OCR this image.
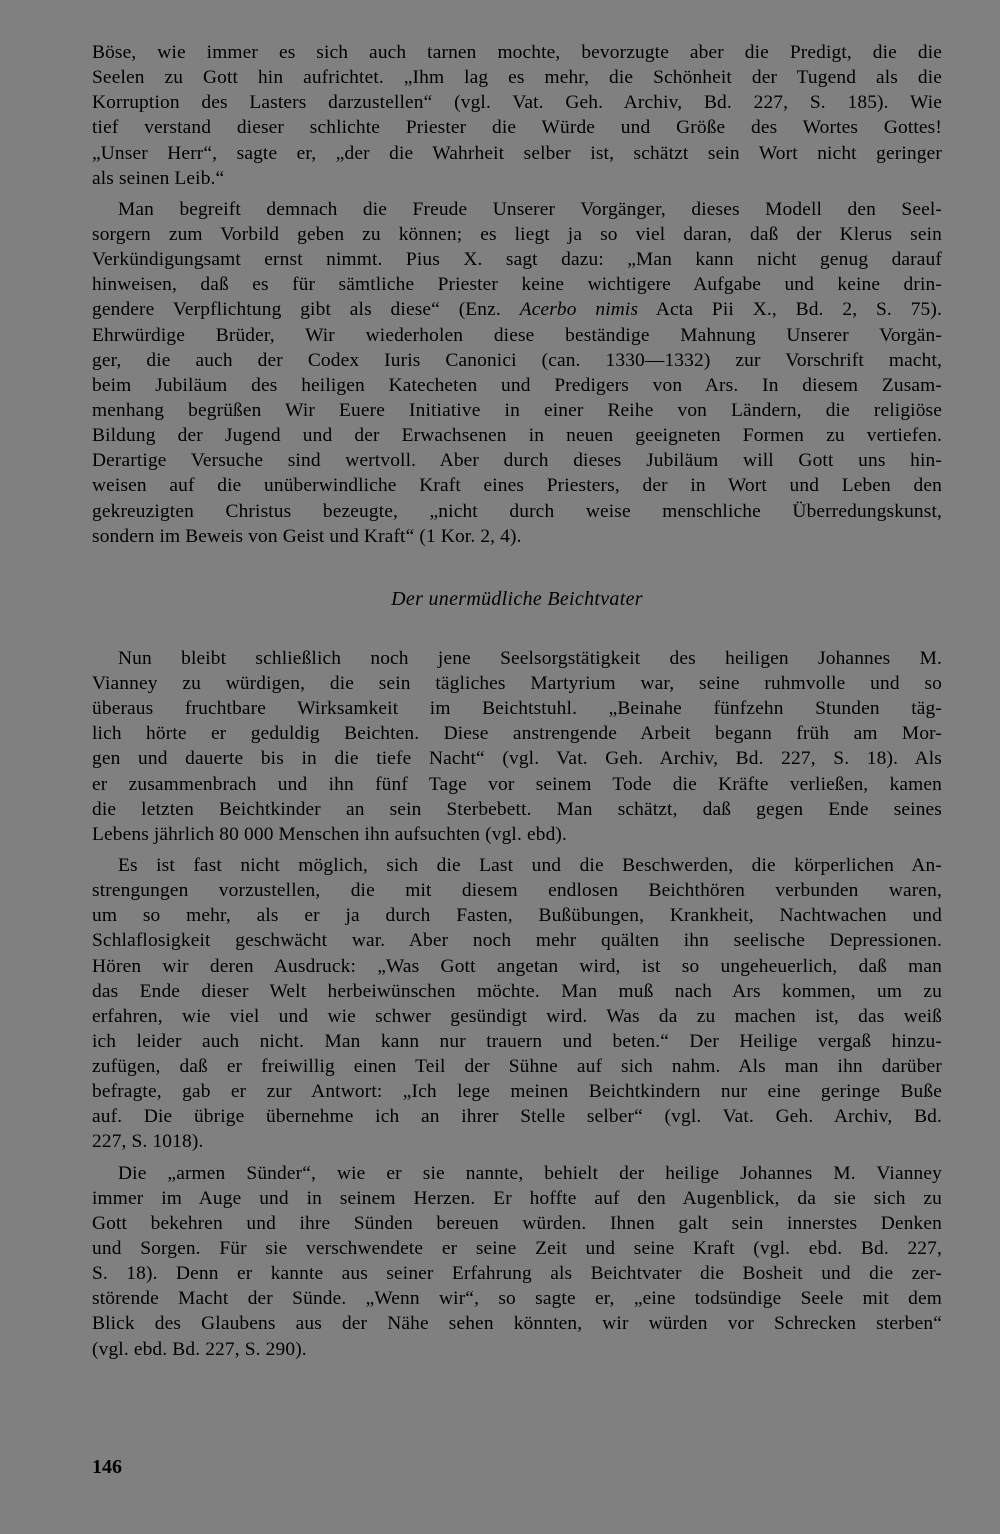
Böse, wie immer es sich auch tarnen mochte, bevorzugte aber die Predigt, die die
Seelen zu Gott hin aufrichtet. „Ihm lag es mehr, die Schönheit der Tugend als die
Korruption des Lasters darzustellen“ (vgl. Vat. Geh. Archiv, Bd. 227, S. 185). Wie
tief verstand dieser schlichte Priester die Würde und Größe des Wortes Gottes!
„Unser Herr“, sagte er, „der die Wahrheit selber ist, schätzt sein Wort nicht geringer
als seinen Leib.“
Man begreift demnach die Freude Unserer Vorgänger, dieses Modell den Seel-
sorgern zum Vorbild geben zu können; es liegt ja so viel daran, daß der Klerus sein
Verkündigungsamt ernst nimmt. Pius X. sagt dazu: „Man kann nicht genug darauf
hinweisen, daß es für sämtliche Priester keine wichtigere Aufgabe und keine drin-
gendere Verpflichtung gibt als diese“ (Enz. Acerbo nimis Acta Pii X., Bd. 2, S. 75).
Ehrwürdige Brüder, Wir wiederholen diese beständige Mahnung Unserer Vorgän-
ger, die auch der Codex Iuris Canonici (can. 1330—1332) zur Vorschrift macht,
beim Jubiläum des heiligen Katecheten und Predigers von Ars. In diesem Zusam-
menhang begrüßen Wir Euere Initiative in einer Reihe von Ländern, die religiöse
Bildung der Jugend und der Erwachsenen in neuen geeigneten Formen zu vertiefen.
Derartige Versuche sind wertvoll. Aber durch dieses Jubiläum will Gott uns hin-
weisen auf die unüberwindliche Kraft eines Priesters, der in Wort und Leben den
gekreuzigten Christus bezeugte, „nicht durch weise menschliche Überredungskunst,
sondern im Beweis von Geist und Kraft“ (1 Kor. 2, 4).
Der unermüdliche Beichtvater
Nun bleibt schließlich noch jene Seelsorgstätigkeit des heiligen Johannes M.
Vianney zu würdigen, die sein tägliches Martyrium war, seine ruhmvolle und so
überaus fruchtbare Wirksamkeit im Beichtstuhl. „Beinahe fünfzehn Stunden täg-
lich hörte er geduldig Beichten. Diese anstrengende Arbeit begann früh am Mor-
gen und dauerte bis in die tiefe Nacht“ (vgl. Vat. Geh. Archiv, Bd. 227, S. 18). Als
er zusammenbrach und ihn fünf Tage vor seinem Tode die Kräfte verließen, kamen
die letzten Beichtkinder an sein Sterbebett. Man schätzt, daß gegen Ende seines
Lebens jährlich 80 000 Menschen ihn aufsuchten (vgl. ebd).
Es ist fast nicht möglich, sich die Last und die Beschwerden, die körperlichen An-
strengungen vorzustellen, die mit diesem endlosen Beichthören verbunden waren,
um so mehr, als er ja durch Fasten, Bußübungen, Krankheit, Nachtwachen und
Schlaflosigkeit geschwächt war. Aber noch mehr quälten ihn seelische Depressionen.
Hören wir deren Ausdruck: „Was Gott angetan wird, ist so ungeheuerlich, daß man
das Ende dieser Welt herbeiwünschen möchte. Man muß nach Ars kommen, um zu
erfahren, wie viel und wie schwer gesündigt wird. Was da zu machen ist, das weiß
ich leider auch nicht. Man kann nur trauern und beten.“ Der Heilige vergaß hinzu-
zufügen, daß er freiwillig einen Teil der Sühne auf sich nahm. Als man ihn darüber
befragte, gab er zur Antwort: „Ich lege meinen Beichtkindern nur eine geringe Buße
auf. Die übrige übernehme ich an ihrer Stelle selber“ (vgl. Vat. Geh. Archiv, Bd.
227, S. 1018).
Die „armen Sünder“, wie er sie nannte, behielt der heilige Johannes M. Vianney
immer im Auge und in seinem Herzen. Er hoffte auf den Augenblick, da sie sich zu
Gott bekehren und ihre Sünden bereuen würden. Ihnen galt sein innerstes Denken
und Sorgen. Für sie verschwendete er seine Zeit und seine Kraft (vgl. ebd. Bd. 227,
S. 18). Denn er kannte aus seiner Erfahrung als Beichtvater die Bosheit und die zer-
störende Macht der Sünde. „Wenn wir“, so sagte er, „eine todsündige Seele mit dem
Blick des Glaubens aus der Nähe sehen könnten, wir würden vor Schrecken sterben“
(vgl. ebd. Bd. 227, S. 290).
146
